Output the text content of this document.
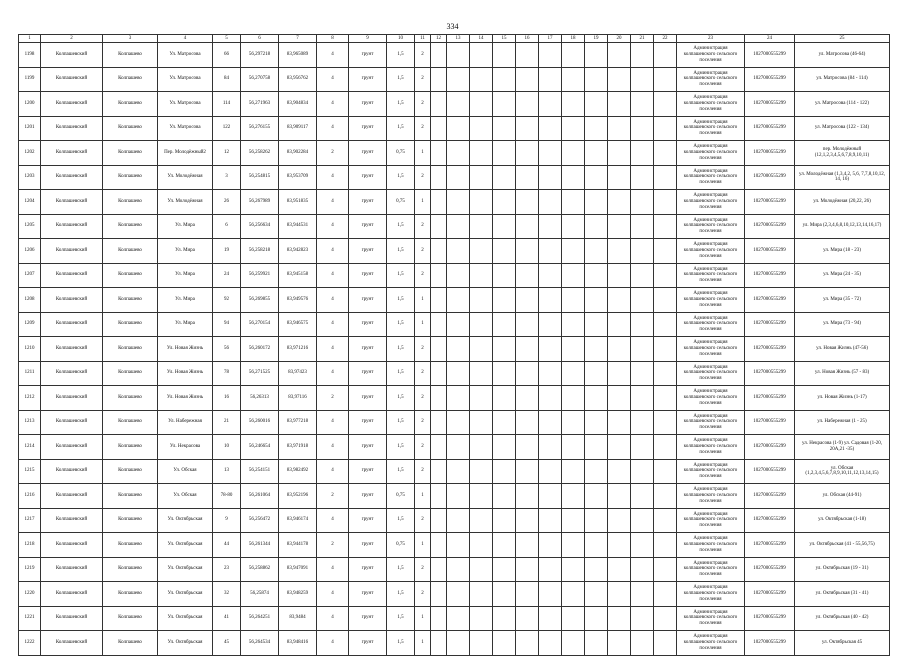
334
1	2	3	4	5	6	7	8	9	10	11	12	13	14	15	16	17	18	19	20	21	22	23	24	25
1198	Колпашевский	Колпашево	Ул. Матросова	66	56,297218	83,965089	4	грунт	1,5	2												Администрация колпашевского сельского поселения	1027000555299	ул. Матросова (46-64)
1199	Колпашевский	Колпашево	Ул. Матросова	84	56,270758	83,956762	4	грунт	1,5	2												Администрация колпашевского сельского поселения	1027000555299	ул. Матросова (84 - 114)
1200	Колпашевский	Колпашево	Ул. Матросова	114	56,271963	83,904834	4	грунт	1,5	2												Администрация колпашевского сельского поселения	1027000555299	ул. Матросова (114 - 122)
1201	Колпашевский	Колпашево	Ул. Матросова	122	56,276155	83,909117	4	грунт	1,5	2												Администрация колпашевского сельского поселения	1027000555299	ул. Матросова (122 - 134)
1202	Колпашевский	Колпашево	Пер. Молодёжный2	12	56,258262	83,902284	2	грунт	0,75	1												Администрация колпашевского сельского поселения	1027000555299	пер. Молодёжный (12,1,2,3,4,5,6,7,8,9,10,11)
1203	Колпашевский	Колпашево	Ул. Молодёжная	3	56,254815	83,953709	4	грунт	1,5	2												Администрация колпашевского сельского поселения	1027000555299	ул. Молодёжная (1,3,4,2, 5,6, 7,7,8,10,12, 14, 16)
1204	Колпашевский	Колпашево	Ул. Молодёжная	26	56,267989	83,951835	4	грунт	0,75	1												Администрация колпашевского сельского поселения	1027000555299	ул. Молодёжная (20,22, 26)
1205	Колпашевский	Колпашево	Ул. Мира	6	56,256634	83,944531	4	грунт	1,5	2												Администрация колпашевского сельского поселения	1027000555299	ул. Мира (2,3,4,6,8,10,12,13,14,16,17)
1206	Колпашевский	Колпашево	Ул. Мира	19	56,258218	83,942823	4	грунт	1,5	2												Администрация колпашевского сельского поселения	1027000555299	ул. Мира (18 - 23)
1207	Колпашевский	Колпашево	Ул. Мира	24	56,259921	83,945158	4	грунт	1,5	2												Администрация колпашевского сельского поселения	1027000555299	ул. Мира (24 - 35)
1208	Колпашевский	Колпашево	Ул. Мира	92	56,269855	83,949576	4	грунт	1,5	1												Администрация колпашевского сельского поселения	1027000555299	ул. Мира (35 - 72)
1209	Колпашевский	Колпашево	Ул. Мира	94	56,270154	83,946575	4	грунт	1,5	1												Администрация колпашевского сельского поселения	1027000555299	ул. Мира (73 - 94)
1210	Колпашевский	Колпашево	Ул. Новая Жизнь	56	56,260172	83,971216	4	грунт	1,5	2												Администрация колпашевского сельского поселения	1027000555299	ул. Новая Жизнь (47-56)
1211	Колпашевский	Колпашево	Ул. Новая Жизнь	78	56,271525	83,97423	4	грунт	1,5	2												Администрация колпашевского сельского поселения	1027000555299	ул. Новая Жизнь (57 - 83)
1212	Колпашевский	Колпашево	Ул. Новая Жизнь	16	56,26313	83,97116	2	грунт	1,5	2												Администрация колпашевского сельского поселения	1027000555299	ул. Новая Жизнь (1-17)
1213	Колпашевский	Колпашево	Ул. Набережная	21	56,260016	83,977218	4	грунт	1,5	2												Администрация колпашевского сельского поселения	1027000555299	ул. Набережная (1 - 25)
1214	Колпашевский	Колпашево	Ул. Некрасова	10	56,246654	83,971918	4	грунт	1,5	2												Администрация колпашевского сельского поселения	1027000555299	ул. Некрасова (1-9) ул. Садовая (1-20, 20А,21 -35)
1215	Колпашевский	Колпашево	Ул. Обская	13	56,254151	83,982492	4	грунт	1,5	2												Администрация колпашевского сельского поселения	1027000555299	ул. Обская (1,2,3,4,5,6,7,8,9,10,11,12,13,14,15)
1216	Колпашевский	Колпашево	Ул. Обская	78-80	56,261064	83,952196	2	грунт	0,75	1												Администрация колпашевского сельского поселения	1027000555299	ул. Обская (44-91)
1217	Колпашевский	Колпашево	Ул. Октябрьская	9	56,256472	83,946174	4	грунт	1,5	2												Администрация колпашевского сельского поселения	1027000555299	ул. Октябрьская (1-18)
1218	Колпашевский	Колпашево	Ул. Октябрьская	44	56,261344	83,944178	2	грунт	0,75	1												Администрация колпашевского сельского поселения	1027000555299	ул. Октябрьская (41 - 55,56,75)
1219	Колпашевский	Колпашево	Ул. Октябрьская	23	56,258862	83,947091	4	грунт	1,5	2												Администрация колпашевского сельского поселения	1027000555299	ул. Октябрьская (19 - 31)
1220	Колпашевский	Колпашево	Ул. Октябрьская	32	56,25874	83,948259	4	грунт	1,5	2												Администрация колпашевского сельского поселения	1027000555299	ул. Октябрьская (31 - 41)
1221	Колпашевский	Колпашево	Ул. Октябрьская	41	56,264251	83,9484	4	грунт	1,5	1												Администрация колпашевского сельского поселения	1027000555299	ул. Октябрьская (40 - 42)
1222	Колпашевский	Колпашево	Ул. Октябрьская	45	56,264534	83,948416	4	грунт	1,5	1												Администрация колпашевского сельского поселения	1027000555299	ул. Октябрьская 45
